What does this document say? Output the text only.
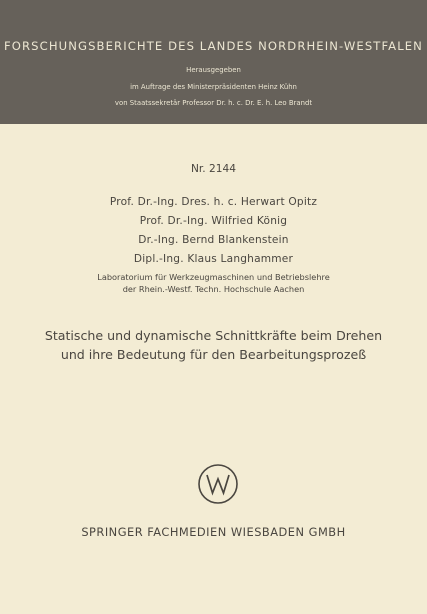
FORSCHUNGSBERICHTE DES LANDES NORDRHEIN-WESTFALEN
Herausgegeben
im Auftrage des Ministerpräsidenten Heinz Kühn
von Staatssekretär Professor Dr. h. c. Dr. E. h. Leo Brandt
Nr. 2144
Prof. Dr.-Ing. Dres. h. c. Herwart Opitz
Prof. Dr.-Ing. Wilfried König
Dr.-Ing. Bernd Blankenstein
Dipl.-Ing. Klaus Langhammer
Laboratorium für Werkzeugmaschinen und Betriebslehre
der Rhein.-Westf. Techn. Hochschule Aachen
Statische und dynamische Schnittkräfte beim Drehen
und ihre Bedeutung für den Bearbeitungsprozeß
SPRINGER FACHMEDIEN WIESBADEN GMBH
